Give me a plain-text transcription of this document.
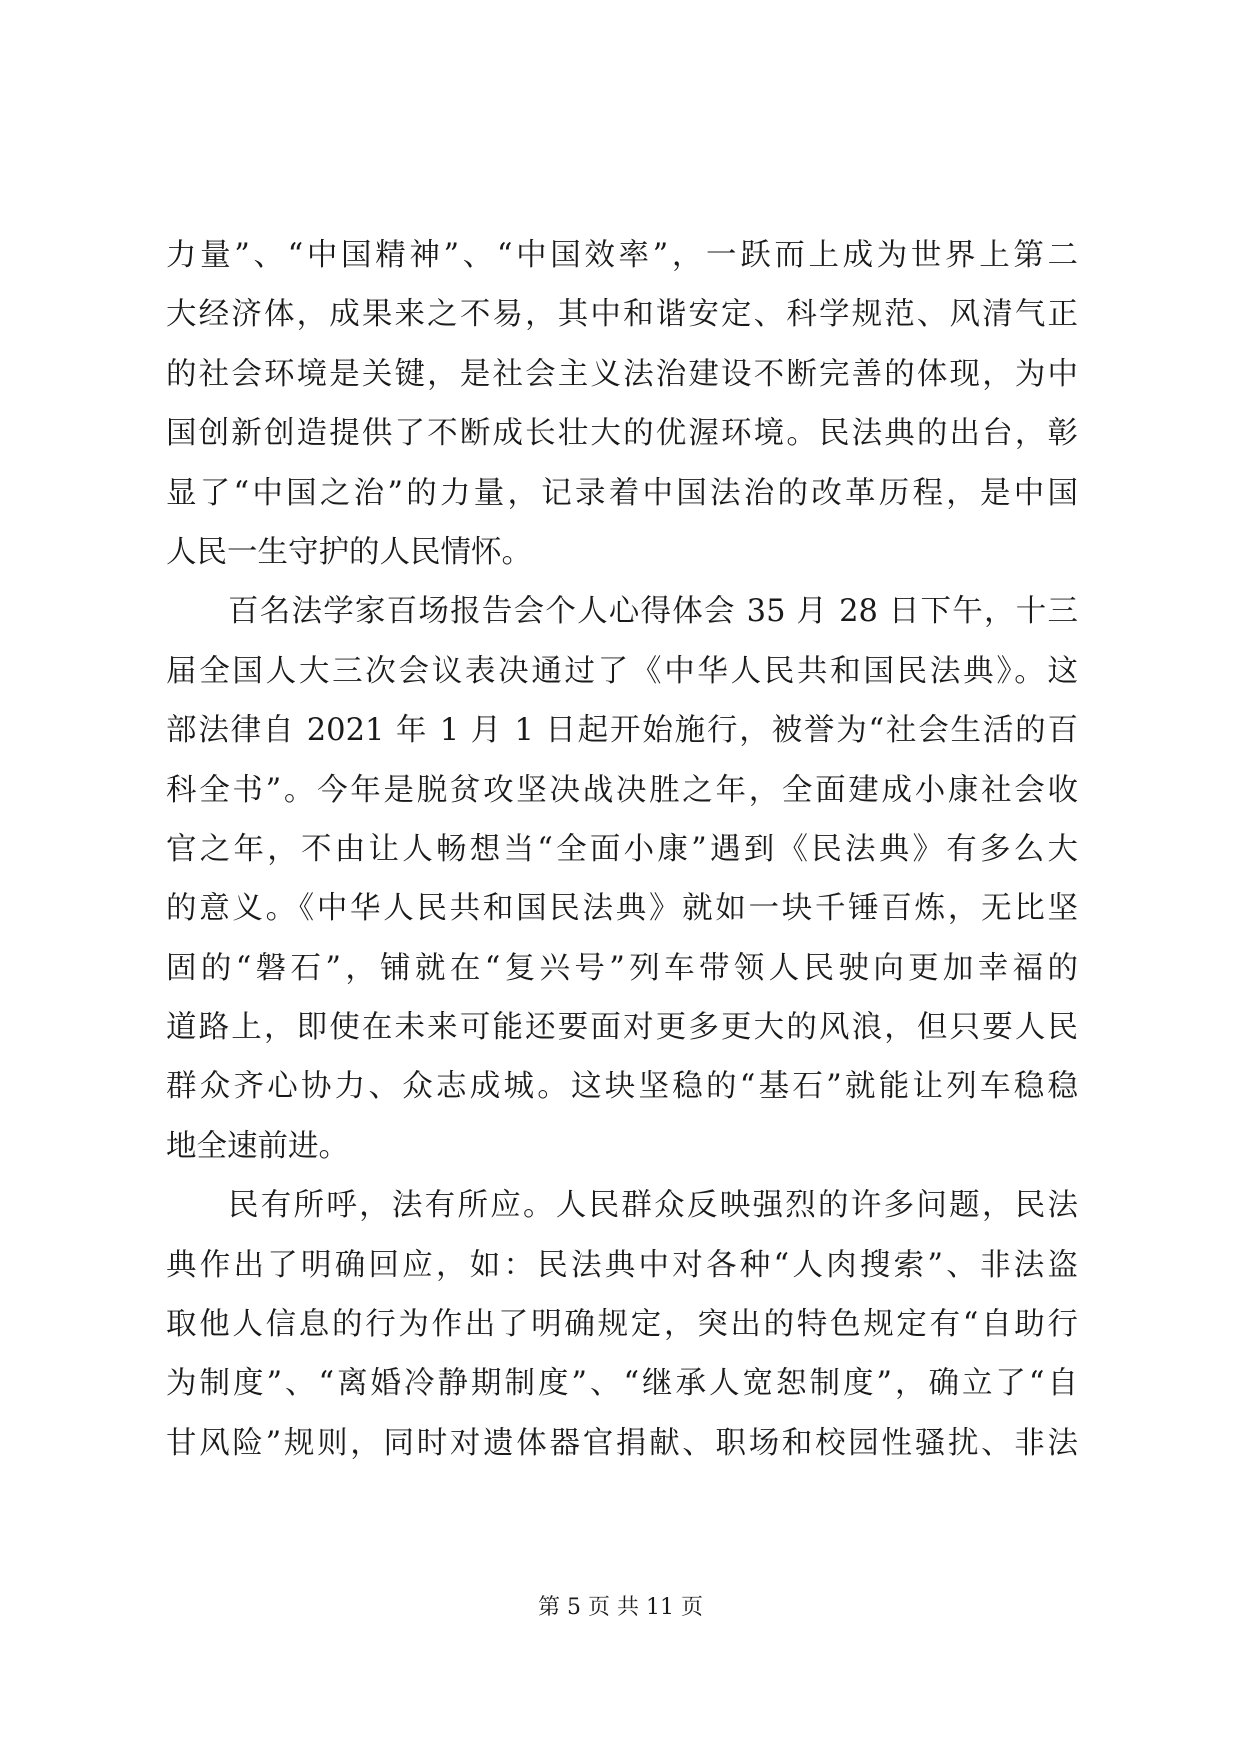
力量”、“中国精神”、“中国效率”，一跃而上成为世界上第二
大经济体，成果来之不易，其中和谐安定、科学规范、风清气正
的社会环境是关键，是社会主义法治建设不断完善的体现，为中
国创新创造提供了不断成长壮大的优渥环境。民法典的出台，彰
显了“中国之治”的力量，记录着中国法治的改革历程，是中国
人民一生守护的人民情怀。
百名法学家百场报告会个人心得体会 35 月 28 日下午，十三
届全国人大三次会议表决通过了《中华人民共和国民法典》。这
部法律自 2021 年 1 月 1 日起开始施行，被誉为“社会生活的百
科全书”。今年是脱贫攻坚决战决胜之年，全面建成小康社会收
官之年，不由让人畅想当“全面小康”遇到《民法典》有多么大
的意义。《中华人民共和国民法典》就如一块千锤百炼，无比坚
固的“磐石”，铺就在“复兴号”列车带领人民驶向更加幸福的
道路上，即使在未来可能还要面对更多更大的风浪，但只要人民
群众齐心协力、众志成城。这块坚稳的“基石”就能让列车稳稳
地全速前进。
民有所呼，法有所应。人民群众反映强烈的许多问题，民法
典作出了明确回应，如：民法典中对各种“人肉搜索”、非法盗
取他人信息的行为作出了明确规定，突出的特色规定有“自助行
为制度”、“离婚冷静期制度”、“继承人宽恕制度”，确立了“自
甘风险”规则，同时对遗体器官捐献、职场和校园性骚扰、非法
第 5 页 共 11 页
